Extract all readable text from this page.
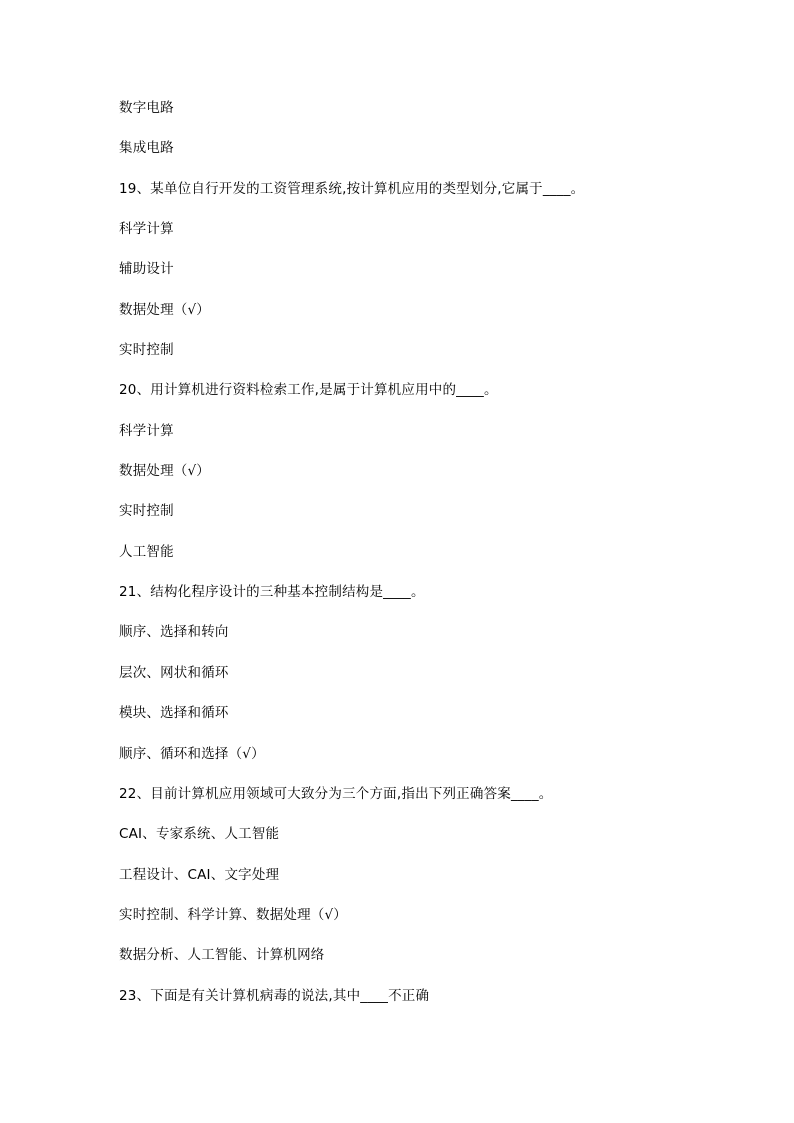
数字电路
集成电路
19、某单位自行开发的工资管理系统,按计算机应用的类型划分,它属于____。
科学计算
辅助设计
数据处理（√）
实时控制
20、用计算机进行资料检索工作,是属于计算机应用中的____。
科学计算
数据处理（√）
实时控制
人工智能
21、结构化程序设计的三种基本控制结构是____。
顺序、选择和转向
层次、网状和循环
模块、选择和循环
顺序、循环和选择（√）
22、目前计算机应用领域可大致分为三个方面,指出下列正确答案____。
CAI、专家系统、人工智能
工程设计、CAI、文字处理
实时控制、科学计算、数据处理（√）
数据分析、人工智能、计算机网络
23、下面是有关计算机病毒的说法,其中____不正确
